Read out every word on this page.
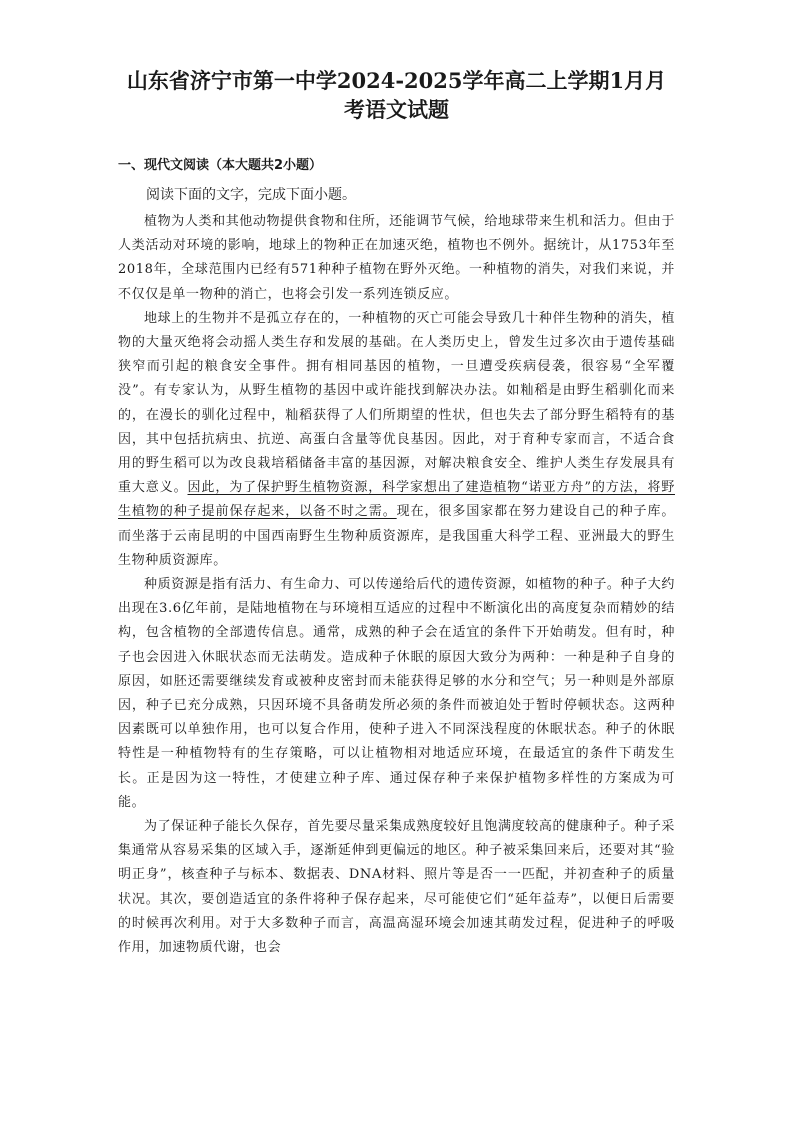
山东省济宁市第一中学2024-2025学年高二上学期1月月
考语文试题
一、现代文阅读（本大题共2小题）

阅读下面的文字，完成下面小题。

植物为人类和其他动物提供食物和住所，还能调节气候，给地球带来生机和活力。但由于人类活动对环境的影响，地球上的物种正在加速灭绝，植物也不例外。据统计，从1753年至2018年，全球范围内已经有571种种子植物在野外灭绝。一种植物的消失，对我们来说，并不仅仅是单一物种的消亡，也将会引发一系列连锁反应。

地球上的生物并不是孤立存在的，一种植物的灭亡可能会导致几十种伴生物种的消失，植物的大量灭绝将会动摇人类生存和发展的基础。在人类历史上，曾发生过多次由于遗传基础狭窄而引起的粮食安全事件。拥有相同基因的植物，一旦遭受疾病侵袭，很容易“全军覆没”。有专家认为，从野生植物的基因中或许能找到解决办法。如籼稻是由野生稻驯化而来的，在漫长的驯化过程中，籼稻获得了人们所期望的性状，但也失去了部分野生稻特有的基因，其中包括抗病虫、抗逆、高蛋白含量等优良基因。因此，对于育种专家而言，不适合食用的野生稻可以为改良栽培稻储备丰富的基因源，对解决粮食安全、维护人类生存发展具有重大意义。因此，为了保护野生植物资源，科学家想出了建造植物“诺亚方舟”的方法，将野生植物的种子提前保存起来，以备不时之需。现在，很多国家都在努力建设自己的种子库。而坐落于云南昆明的中国西南野生生物种质资源库，是我国重大科学工程、亚洲最大的野生生物种质资源库。

种质资源是指有活力、有生命力、可以传递给后代的遗传资源，如植物的种子。种子大约出现在3.6亿年前，是陆地植物在与环境相互适应的过程中不断演化出的高度复杂而精妙的结构，包含植物的全部遗传信息。通常，成熟的种子会在适宜的条件下开始萌发。但有时，种子也会因进入休眠状态而无法萌发。造成种子休眠的原因大致分为两种：一种是种子自身的原因，如胚还需要继续发育或被种皮密封而未能获得足够的水分和空气；另一种则是外部原因，种子已充分成熟，只因环境不具备萌发所必须的条件而被迫处于暂时停顿状态。这两种因素既可以单独作用，也可以复合作用，使种子进入不同深浅程度的休眠状态。种子的休眠特性是一种植物特有的生存策略，可以让植物相对地适应环境，在最适宜的条件下萌发生长。正是因为这一特性，才使建立种子库、通过保存种子来保护植物多样性的方案成为可能。

为了保证种子能长久保存，首先要尽量采集成熟度较好且饱满度较高的健康种子。种子采集通常从容易采集的区域入手，逐渐延伸到更偏远的地区。种子被采集回来后，还要对其“验明正身”，核查种子与标本、数据表、DNA材料、照片等是否一一匹配，并初查种子的质量状况。其次，要创造适宜的条件将种子保存起来，尽可能使它们“延年益寿”，以便日后需要的时候再次利用。对于大多数种子而言，高温高湿环境会加速其萌发过程，促进种子的呼吸作用，加速物质代谢，也会
